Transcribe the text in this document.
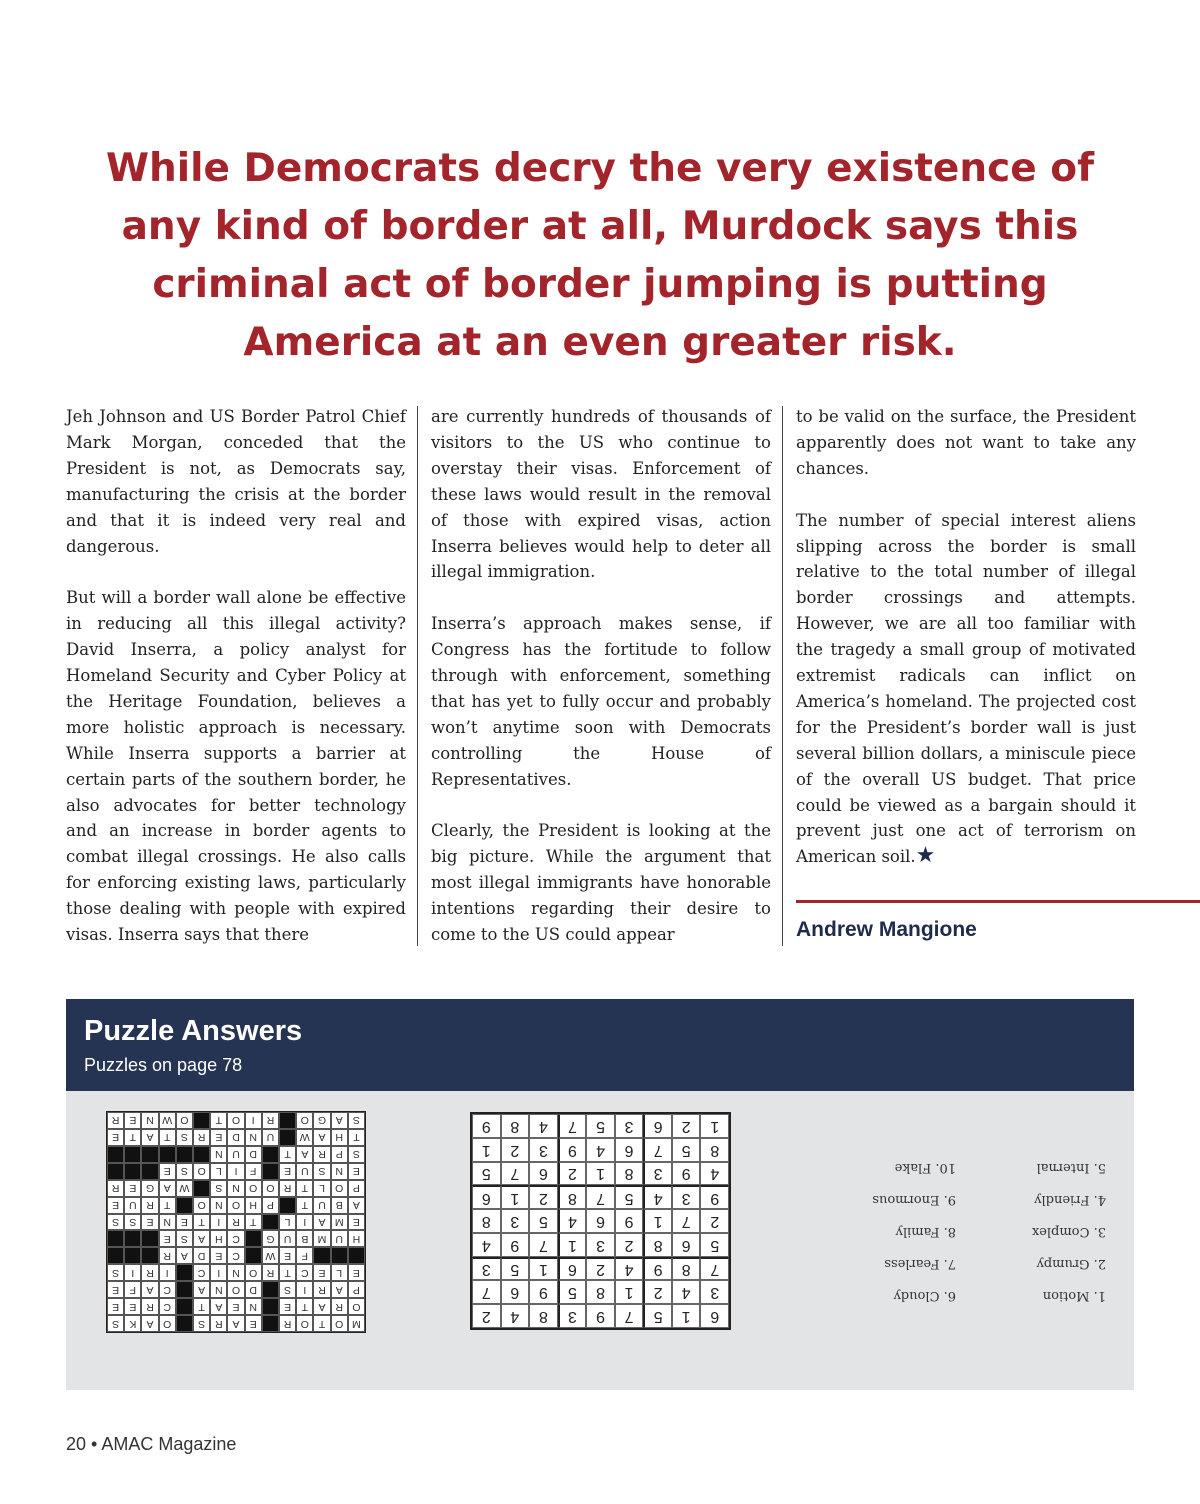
While Democrats decry the very existence of any kind of border at all, Murdock says this criminal act of border jumping is putting America at an even greater risk.

Jeh Johnson and US Border Patrol Chief Mark Morgan, conceded that the President is not, as Democrats say, manufacturing the crisis at the border and that it is indeed very real and dangerous.

But will a border wall alone be effective in reducing all this illegal activity? David Inserra, a policy analyst for Homeland Security and Cyber Policy at the Heritage Foundation, believes a more holistic approach is necessary. While Inserra supports a barrier at certain parts of the southern border, he also advocates for better technology and an increase in border agents to combat illegal crossings. He also calls for enforcing existing laws, particularly those dealing with people with expired visas. Inserra says that there

are currently hundreds of thousands of visitors to the US who continue to overstay their visas. Enforcement of these laws would result in the removal of those with expired visas, action Inserra believes would help to deter all illegal immigration.

Inserra’s approach makes sense, if Congress has the fortitude to follow through with enforcement, something that has yet to fully occur and probably won’t anytime soon with Democrats controlling the House of Representatives.

Clearly, the President is looking at the big picture. While the argument that most illegal immigrants have honorable intentions regarding their desire to come to the US could appear

to be valid on the surface, the President apparently does not want to take any chances.

The number of special interest aliens slipping across the border is small relative to the total number of illegal border crossings and attempts. However, we are all too familiar with the tragedy a small group of motivated extremist radicals can inflict on America’s homeland. The projected cost for the President’s border wall is just several billion dollars, a miniscule piece of the overall US budget. That price could be viewed as a bargain should it prevent just one act of terrorism on American soil.★

Andrew Mangione
Puzzle Answers
Puzzles on page 78
M
O
T
O
R
E
A
R
S
O
A
K
S
O
R
A
T
E
N
E
A
T
C
R
E
E
P
A
R
I
S
D
O
N
A
C
A
F
E
E
L
E
C
T
R
O
N
I
C
I
R
I
S
F
E
W
C
E
D
A
R
H
U
M
B
U
G
C
H
A
S
E
E
M
A
I
L
T
R
I
T
E
N
E
S
S
A
B
U
T
P
H
O
N
O
T
R
U
E
P
O
L
T
R
O
O
N
S
W
A
G
E
R
E
N
S
U
E
F
I
L
O
S
E
S
P
R
A
T
D
U
N
T
H
A
W
U
N
D
E
R
S
T
A
T
E
S
A
G
O
R
I
O
T
O
W
N
E
R
6
1
5
7
9
3
8
4
2
3
4
2
1
8
5
9
6
7
7
8
9
4
2
6
1
5
3
5
6
8
2
3
1
7
9
4
2
7
1
9
6
4
5
3
8
9
3
4
5
7
8
2
1
6
4
9
3
8
1
2
6
7
5
8
5
7
6
4
9
3
2
1
1
2
6
3
5
7
4
8
9
1. Motion
2. Grumpy
3. Complex
4. Friendly
5. Internal
6. Cloudy
7. Fearless
8. Family
9. Enormous
10. Flake
20 • AMAC Magazine
